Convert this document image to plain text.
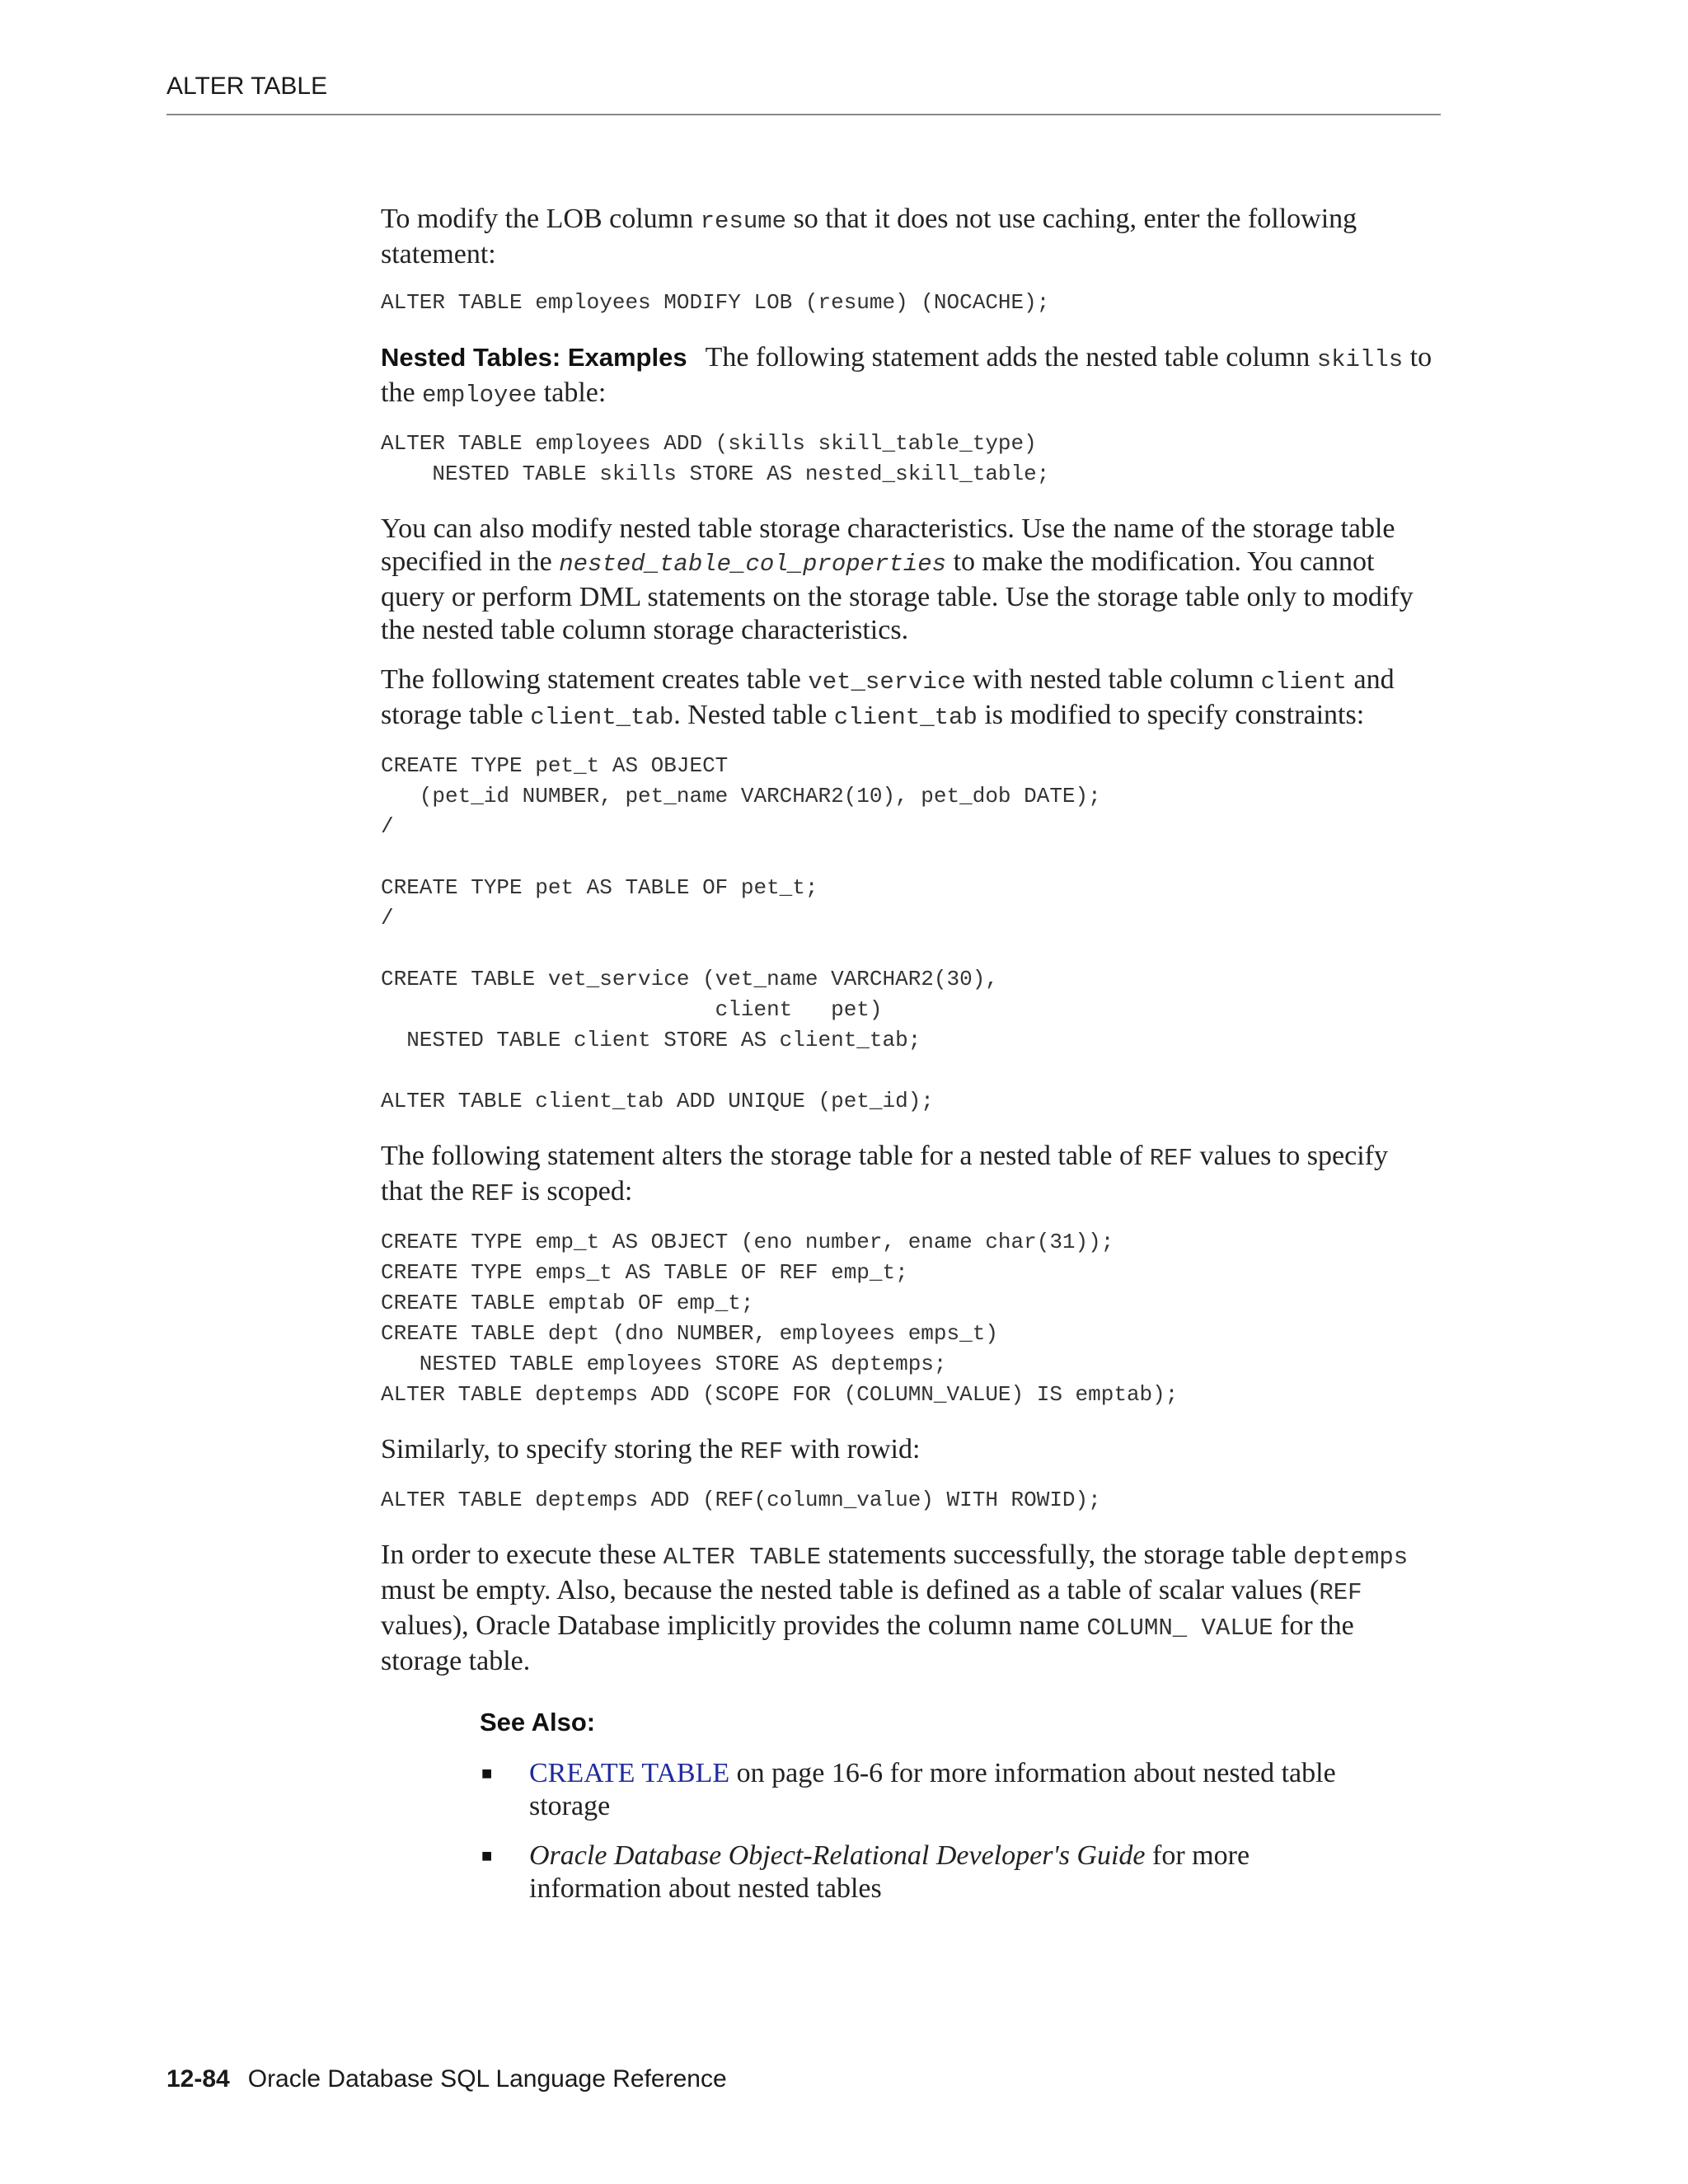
ALTER TABLE

To modify the LOB column resume so that it does not use caching, enter the following statement:

ALTER TABLE employees MODIFY LOB (resume) (NOCACHE);

Nested Tables: Examples The following statement adds the nested table column skills to the employee table:

ALTER TABLE employees ADD (skills skill_table_type)
NESTED TABLE skills STORE AS nested_skill_table;

You can also modify nested table storage characteristics. Use the name of the storage table specified in the nested_table_col_properties to make the modification. You cannot query or perform DML statements on the storage table. Use the storage table only to modify the nested table column storage characteristics.

The following statement creates table vet_service with nested table column client and storage table client_tab. Nested table client_tab is modified to specify constraints:

CREATE TYPE pet_t AS OBJECT
(pet_id NUMBER, pet_name VARCHAR2(10), pet_dob DATE);
/

CREATE TYPE pet AS TABLE OF pet_t;
/

CREATE TABLE vet_service (vet_name VARCHAR2(30),
client   pet)
NESTED TABLE client STORE AS client_tab;

ALTER TABLE client_tab ADD UNIQUE (pet_id);

The following statement alters the storage table for a nested table of REF values to specify that the REF is scoped:

CREATE TYPE emp_t AS OBJECT (eno number, ename char(31));
CREATE TYPE emps_t AS TABLE OF REF emp_t;
CREATE TABLE emptab OF emp_t;
CREATE TABLE dept (dno NUMBER, employees emps_t)
NESTED TABLE employees STORE AS deptemps;
ALTER TABLE deptemps ADD (SCOPE FOR (COLUMN_VALUE) IS emptab);

Similarly, to specify storing the REF with rowid:

ALTER TABLE deptemps ADD (REF(column_value) WITH ROWID);

In order to execute these ALTER TABLE statements successfully, the storage table deptemps must be empty. Also, because the nested table is defined as a table of scalar values (REF values), Oracle Database implicitly provides the column name COLUMN_ VALUE for the storage table.

See Also:
■ CREATE TABLE on page 16-6 for more information about nested table storage
■ Oracle Database Object-Relational Developer's Guide for more information about nested tables
12-84 Oracle Database SQL Language Reference
